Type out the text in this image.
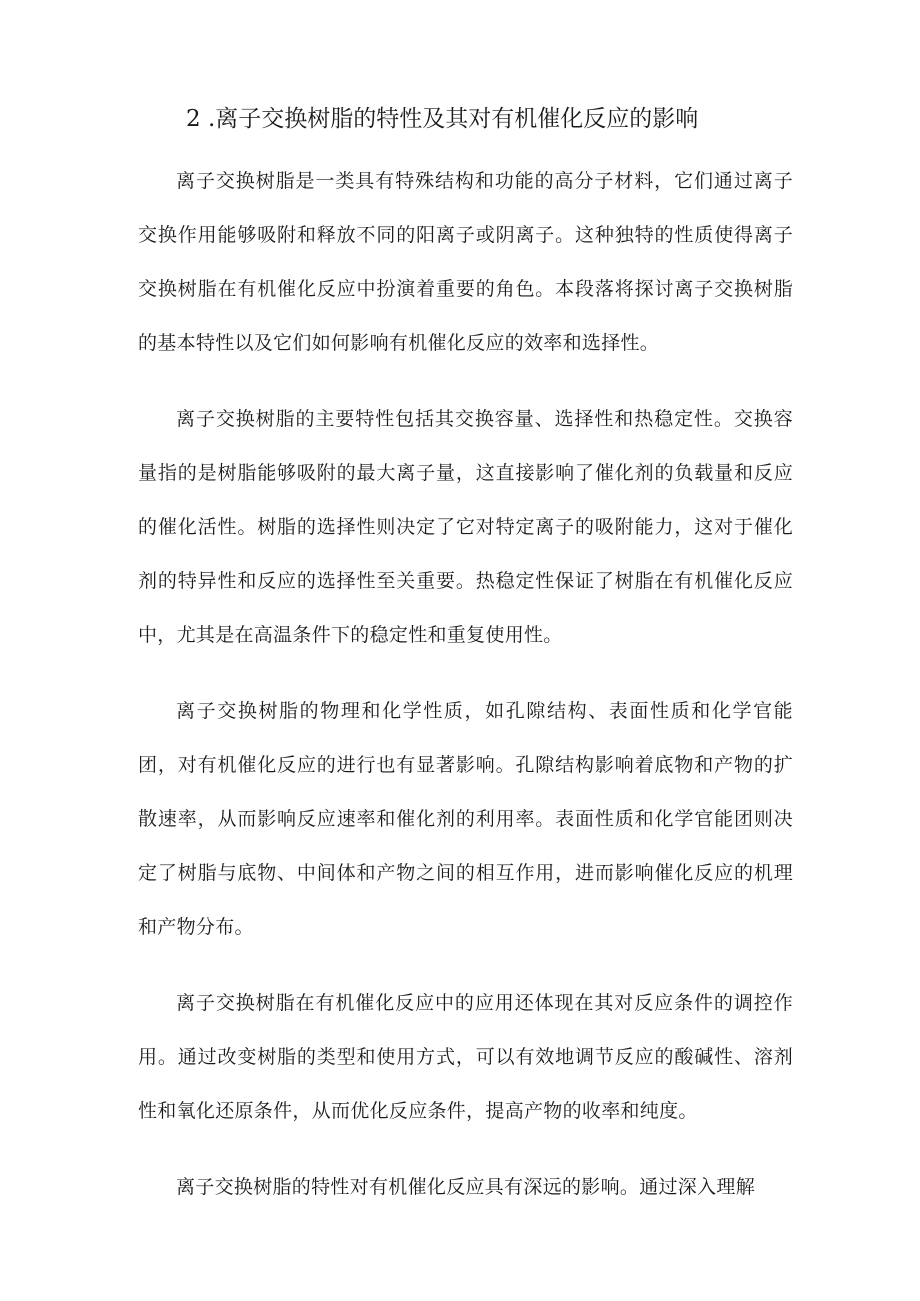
2 .离子交换树脂的特性及其对有机催化反应的影响

离子交换树脂是一类具有特殊结构和功能的高分子材料，它们通过离子交换作用能够吸附和释放不同的阳离子或阴离子。这种独特的性质使得离子交换树脂在有机催化反应中扮演着重要的角色。本段落将探讨离子交换树脂的基本特性以及它们如何影响有机催化反应的效率和选择性。

离子交换树脂的主要特性包括其交换容量、选择性和热稳定性。交换容量指的是树脂能够吸附的最大离子量，这直接影响了催化剂的负载量和反应的催化活性。树脂的选择性则决定了它对特定离子的吸附能力，这对于催化剂的特异性和反应的选择性至关重要。热稳定性保证了树脂在有机催化反应中，尤其是在高温条件下的稳定性和重复使用性。

离子交换树脂的物理和化学性质，如孔隙结构、表面性质和化学官能团，对有机催化反应的进行也有显著影响。孔隙结构影响着底物和产物的扩散速率，从而影响反应速率和催化剂的利用率。表面性质和化学官能团则决定了树脂与底物、中间体和产物之间的相互作用，进而影响催化反应的机理和产物分布。

离子交换树脂在有机催化反应中的应用还体现在其对反应条件的调控作用。通过改变树脂的类型和使用方式，可以有效地调节反应的酸碱性、溶剂性和氧化还原条件，从而优化反应条件，提高产物的收率和纯度。

离子交换树脂的特性对有机催化反应具有深远的影响。通过深入理解
